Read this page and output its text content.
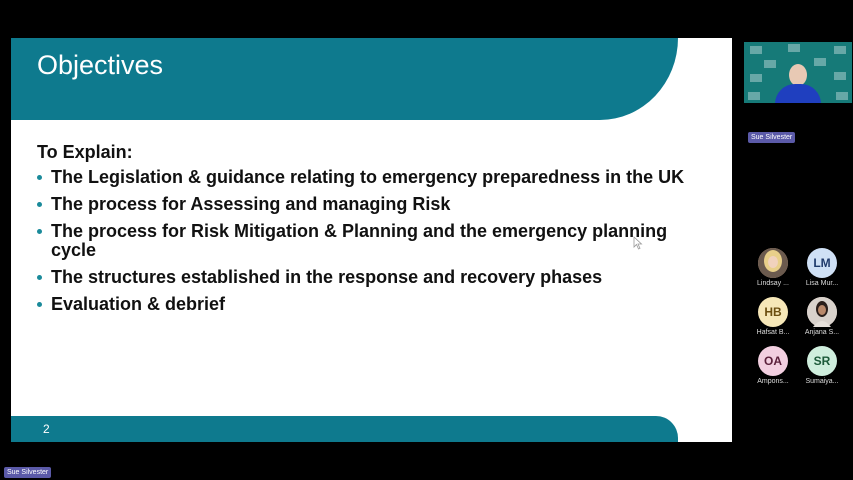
Objectives
To Explain:
The Legislation & guidance relating to emergency preparedness in the UK
The process for Assessing and managing Risk
The process for Risk Mitigation & Planning and the emergency planning cycle
The structures established in the response and recovery phases
Evaluation & debrief
2
Sue Silvester
Lindsay ...
LM
Lisa Mur...
HB
Hafsat B...	Anjana S...
OA
Ampons...
SR
Sumaiya...
Sue Silvester
